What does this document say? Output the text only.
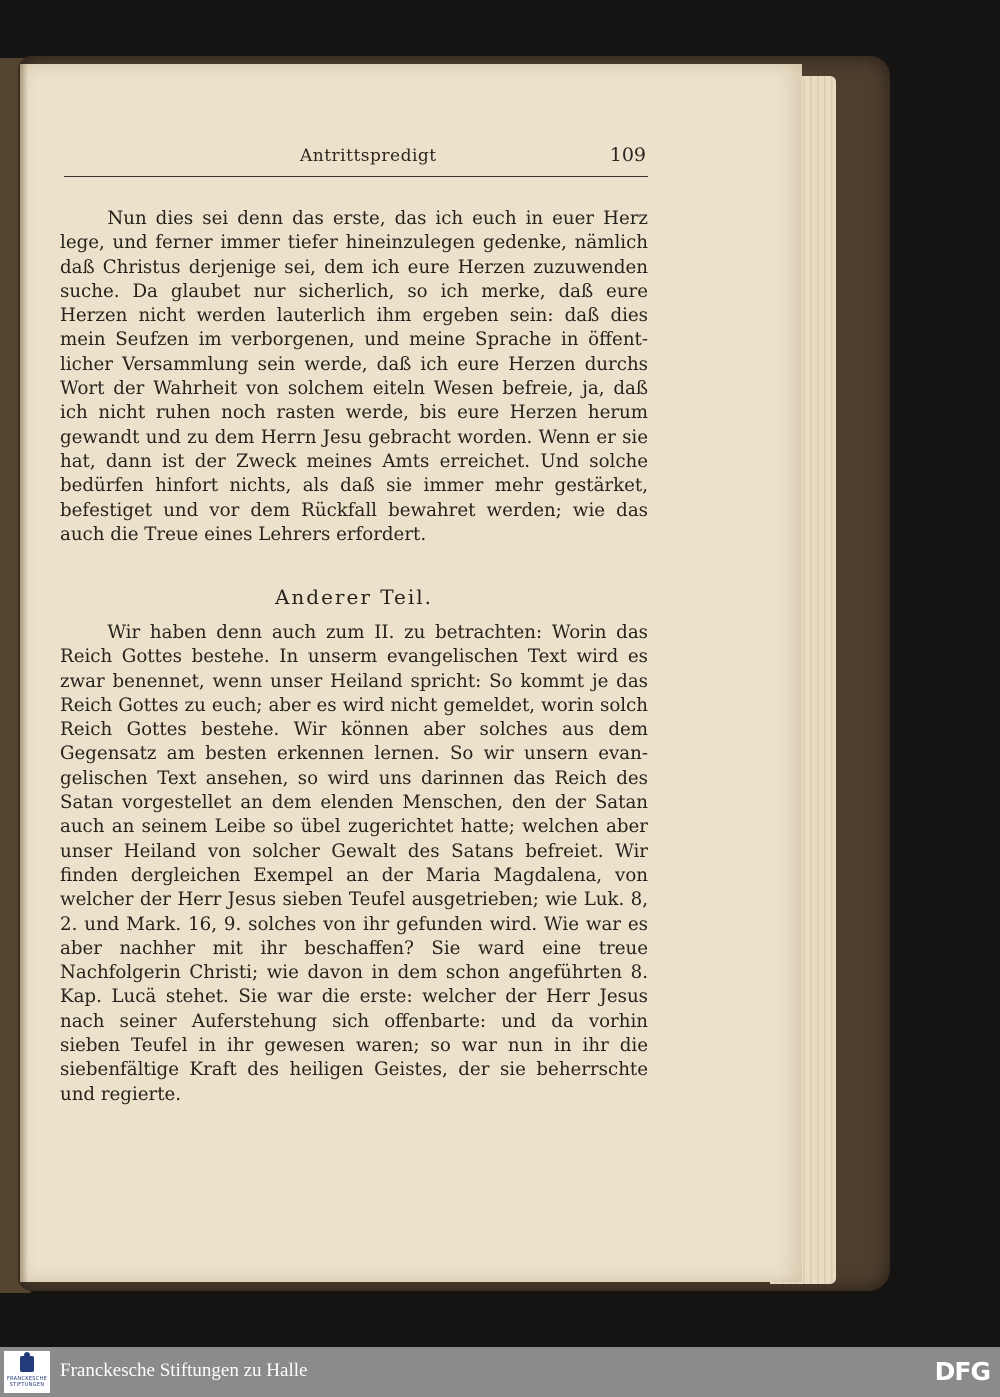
Antrittspredigt	109

Nun dies sei denn das erste, das ich euch in euer Herz lege, und ferner immer tiefer hineinzulegen gedenke, nämlich daß Christus derjenige sei, dem ich eure Herzen zuzuwenden suche. Da glaubet nur sicherlich, so ich merke, daß eure Herzen nicht werden lauterlich ihm ergeben sein: daß dies mein Seufzen im verborgenen, und meine Sprache in öffentlicher Versammlung sein werde, daß ich eure Herzen durchs Wort der Wahrheit von solchem eiteln Wesen befreie, ja, daß ich nicht ruhen noch rasten werde, bis eure Herzen herum gewandt und zu dem Herrn Jesu gebracht worden. Wenn er sie hat, dann ist der Zweck meines Amts erreichet. Und solche bedürfen hinfort nichts, als daß sie immer mehr gestärket, befestiget und vor dem Rückfall bewahret werden; wie das auch die Treue eines Lehrers erfordert.

Anderer Teil.

Wir haben denn auch zum II. zu betrachten: Worin das Reich Gottes bestehe. In unserm evangelischen Text wird es zwar benennet, wenn unser Heiland spricht: So kommt je das Reich Gottes zu euch; aber es wird nicht gemeldet, worin solch Reich Gottes bestehe. Wir können aber solches aus dem Gegensatz am besten erkennen lernen. So wir unsern evangelischen Text ansehen, so wird uns darinnen das Reich des Satan vorgestellet an dem elenden Menschen, den der Satan auch an seinem Leibe so übel zugerichtet hatte; welchen aber unser Heiland von solcher Gewalt des Satans befreiet. Wir finden dergleichen Exempel an der Maria Magdalena, von welcher der Herr Jesus sieben Teufel ausgetrieben; wie Luk. 8, 2. und Mark. 16, 9. solches von ihr gefunden wird. Wie war es aber nachher mit ihr beschaffen? Sie ward eine treue Nachfolgerin Christi; wie davon in dem schon angeführten 8. Kap. Lucä stehet. Sie war die erste: welcher der Herr Jesus nach seiner Auferstehung sich offenbarte: und da vorhin sieben Teufel in ihr gewesen waren; so war nun in ihr die siebenfältige Kraft des heiligen Geistes, der sie beherrschte und regierte.

FRANCKESCHE
STIFTUNGEN
Franckesche Stiftungen zu Halle	DFG
